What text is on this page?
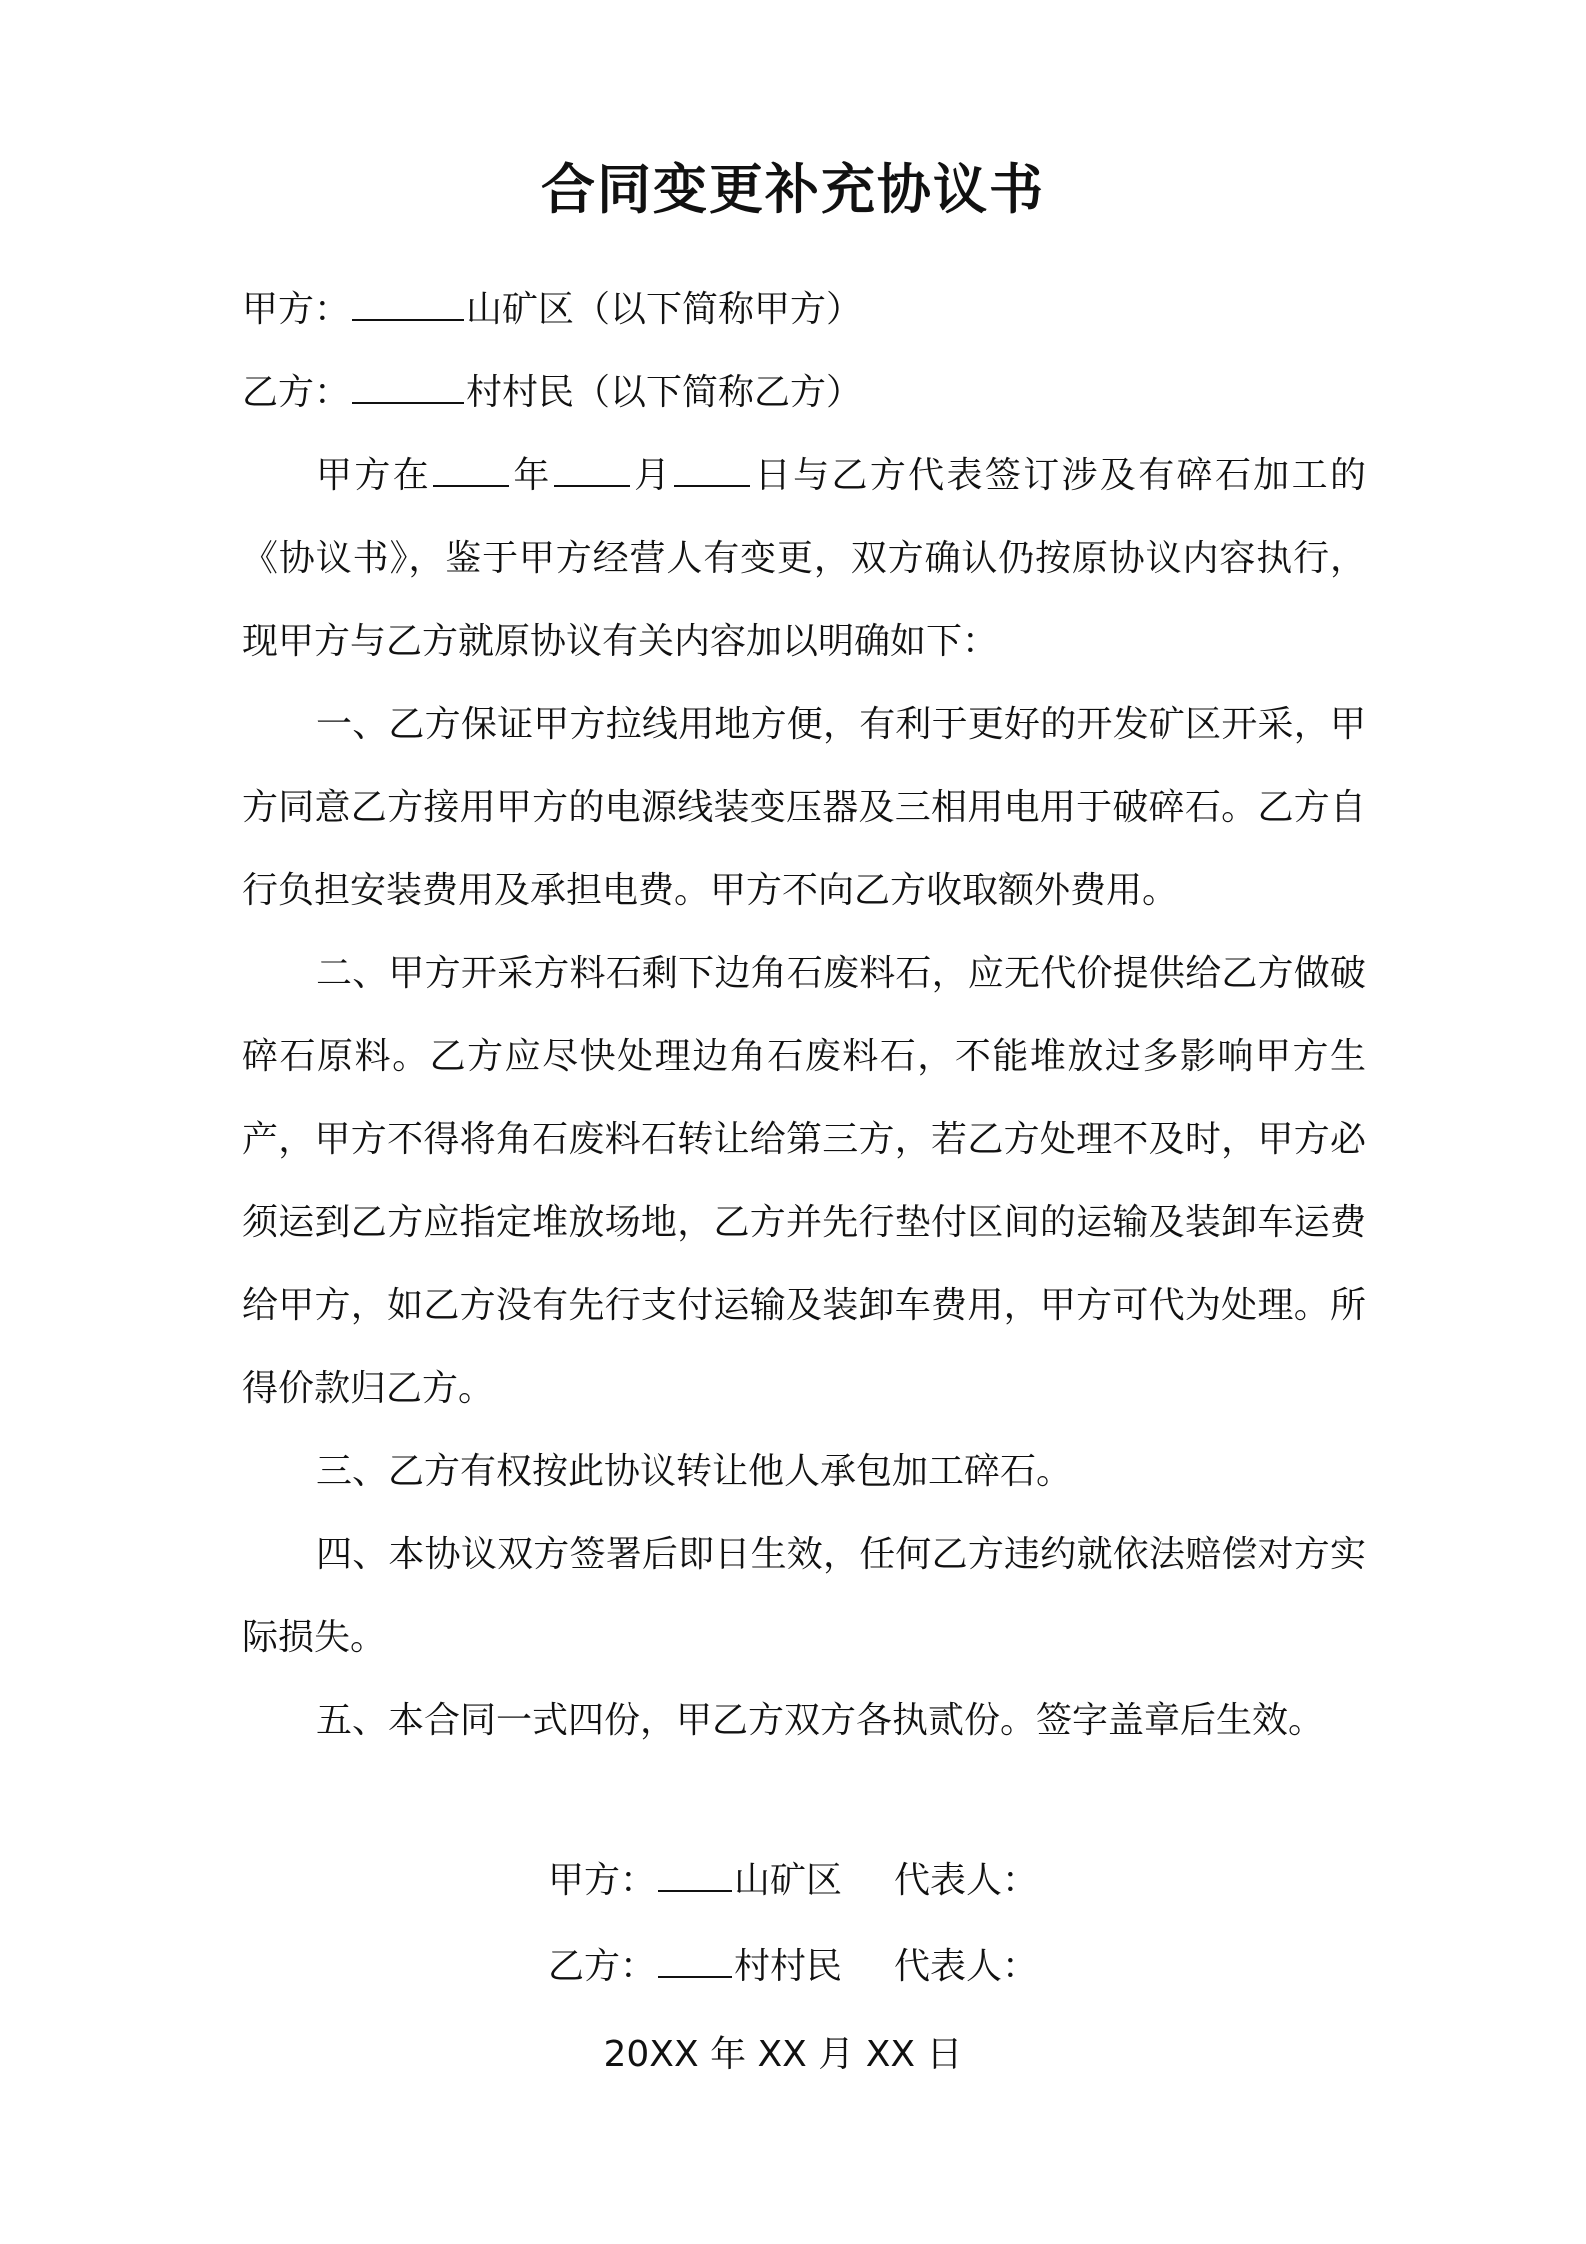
合同变更补充协议书
甲方：	山矿区（以下简称甲方）
乙方：	村村民（以下简称乙方）

甲方在 年 月 日与乙方代表签订涉及有碎石加工的《协议书》，鉴于甲方经营人有变更，双方确认仍按原协议内容执行，现甲方与乙方就原协议有关内容加以明确如下：

一、乙方保证甲方拉线用地方便，有利于更好的开发矿区开采，甲方同意乙方接用甲方的电源线装变压器及三相用电用于破碎石。乙方自行负担安装费用及承担电费。甲方不向乙方收取额外费用。

二、甲方开采方料石剩下边角石废料石，应无代价提供给乙方做破碎石原料。乙方应尽快处理边角石废料石，不能堆放过多影响甲方生产，甲方不得将角石废料石转让给第三方，若乙方处理不及时，甲方必须运到乙方应指定堆放场地，乙方并先行垫付区间的运输及装卸车运费给甲方，如乙方没有先行支付运输及装卸车费用，甲方可代为处理。所得价款归乙方。

三、乙方有权按此协议转让他人承包加工碎石。

四、本协议双方签署后即日生效，任何乙方违约就依法赔偿对方实际损失。

五、本合同一式四份，甲乙方双方各执贰份。签字盖章后生效。

甲方： 山矿区 代表人：
乙方： 村村民 代表人：
20XX 年 XX 月 XX 日
